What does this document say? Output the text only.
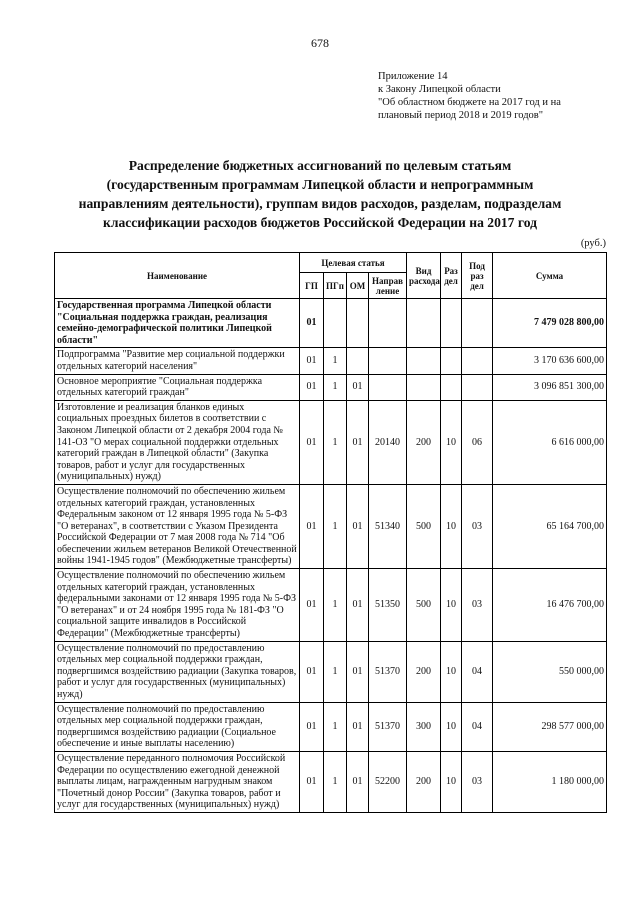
678
Приложение 14
к Закону Липецкой области
"Об областном бюджете на 2017 год и на
плановый период 2018 и 2019 годов"
Распределение бюджетных ассигнований по целевым статьям
(государственным программам Липецкой области и непрограммным
направлениям деятельности), группам видов расходов, разделам, подразделам
классификации расходов бюджетов Российской Федерации на 2017 год
(руб.)
Наименование	Целевая статья				Вид расхода	Раз дел	Под раз дел	Сумма
	ГП	ПГп	ОМ	Направ ление				
Государственная программа Липецкой области "Социальная поддержка граждан, реализация семейно-демографической политики Липецкой области"	01							7 479 028 800,00
Подпрограмма "Развитие мер социальной поддержки отдельных категорий населения"	01	1						3 170 636 600,00
Основное мероприятие "Социальная поддержка отдельных категорий граждан"	01	1	01					3 096 851 300,00
Изготовление и реализация бланков единых социальных проездных билетов в соответствии с Законом Липецкой области от 2 декабря 2004 года № 141-ОЗ "О мерах социальной поддержки отдельных категорий граждан в Липецкой области" (Закупка товаров, работ и услуг для государственных (муниципальных) нужд)	01	1	01	20140	200	10	06	6 616 000,00
Осуществление полномочий по обеспечению жильем отдельных категорий граждан, установленных Федеральным законом от 12 января 1995 года № 5-ФЗ "О ветеранах", в соответствии с Указом Президента Российской Федерации от 7 мая 2008 года № 714 "Об обеспечении жильем ветеранов Великой Отечественной войны 1941-1945 годов" (Межбюджетные трансферты)	01	1	01	51340	500	10	03	65 164 700,00
Осуществление полномочий по обеспечению жильем отдельных категорий граждан, установленных федеральными законами от 12 января 1995 года № 5-ФЗ "О ветеранах" и от 24 ноября 1995 года № 181-ФЗ "О социальной защите инвалидов в Российской Федерации" (Межбюджетные трансферты)	01	1	01	51350	500	10	03	16 476 700,00
Осуществление полномочий по предоставлению отдельных мер социальной поддержки граждан, подвергшимся воздействию радиации (Закупка товаров, работ и услуг для государственных (муниципальных) нужд)	01	1	01	51370	200	10	04	550 000,00
Осуществление полномочий по предоставлению отдельных мер социальной поддержки граждан, подвергшимся воздействию радиации (Социальное обеспечение и иные выплаты населению)	01	1	01	51370	300	10	04	298 577 000,00
Осуществление переданного полномочия Российской Федерации по осуществлению ежегодной денежной выплаты лицам, награжденным нагрудным знаком "Почетный донор России" (Закупка товаров, работ и услуг для государственных (муниципальных) нужд)	01	1	01	52200	200	10	03	1 180 000,00
